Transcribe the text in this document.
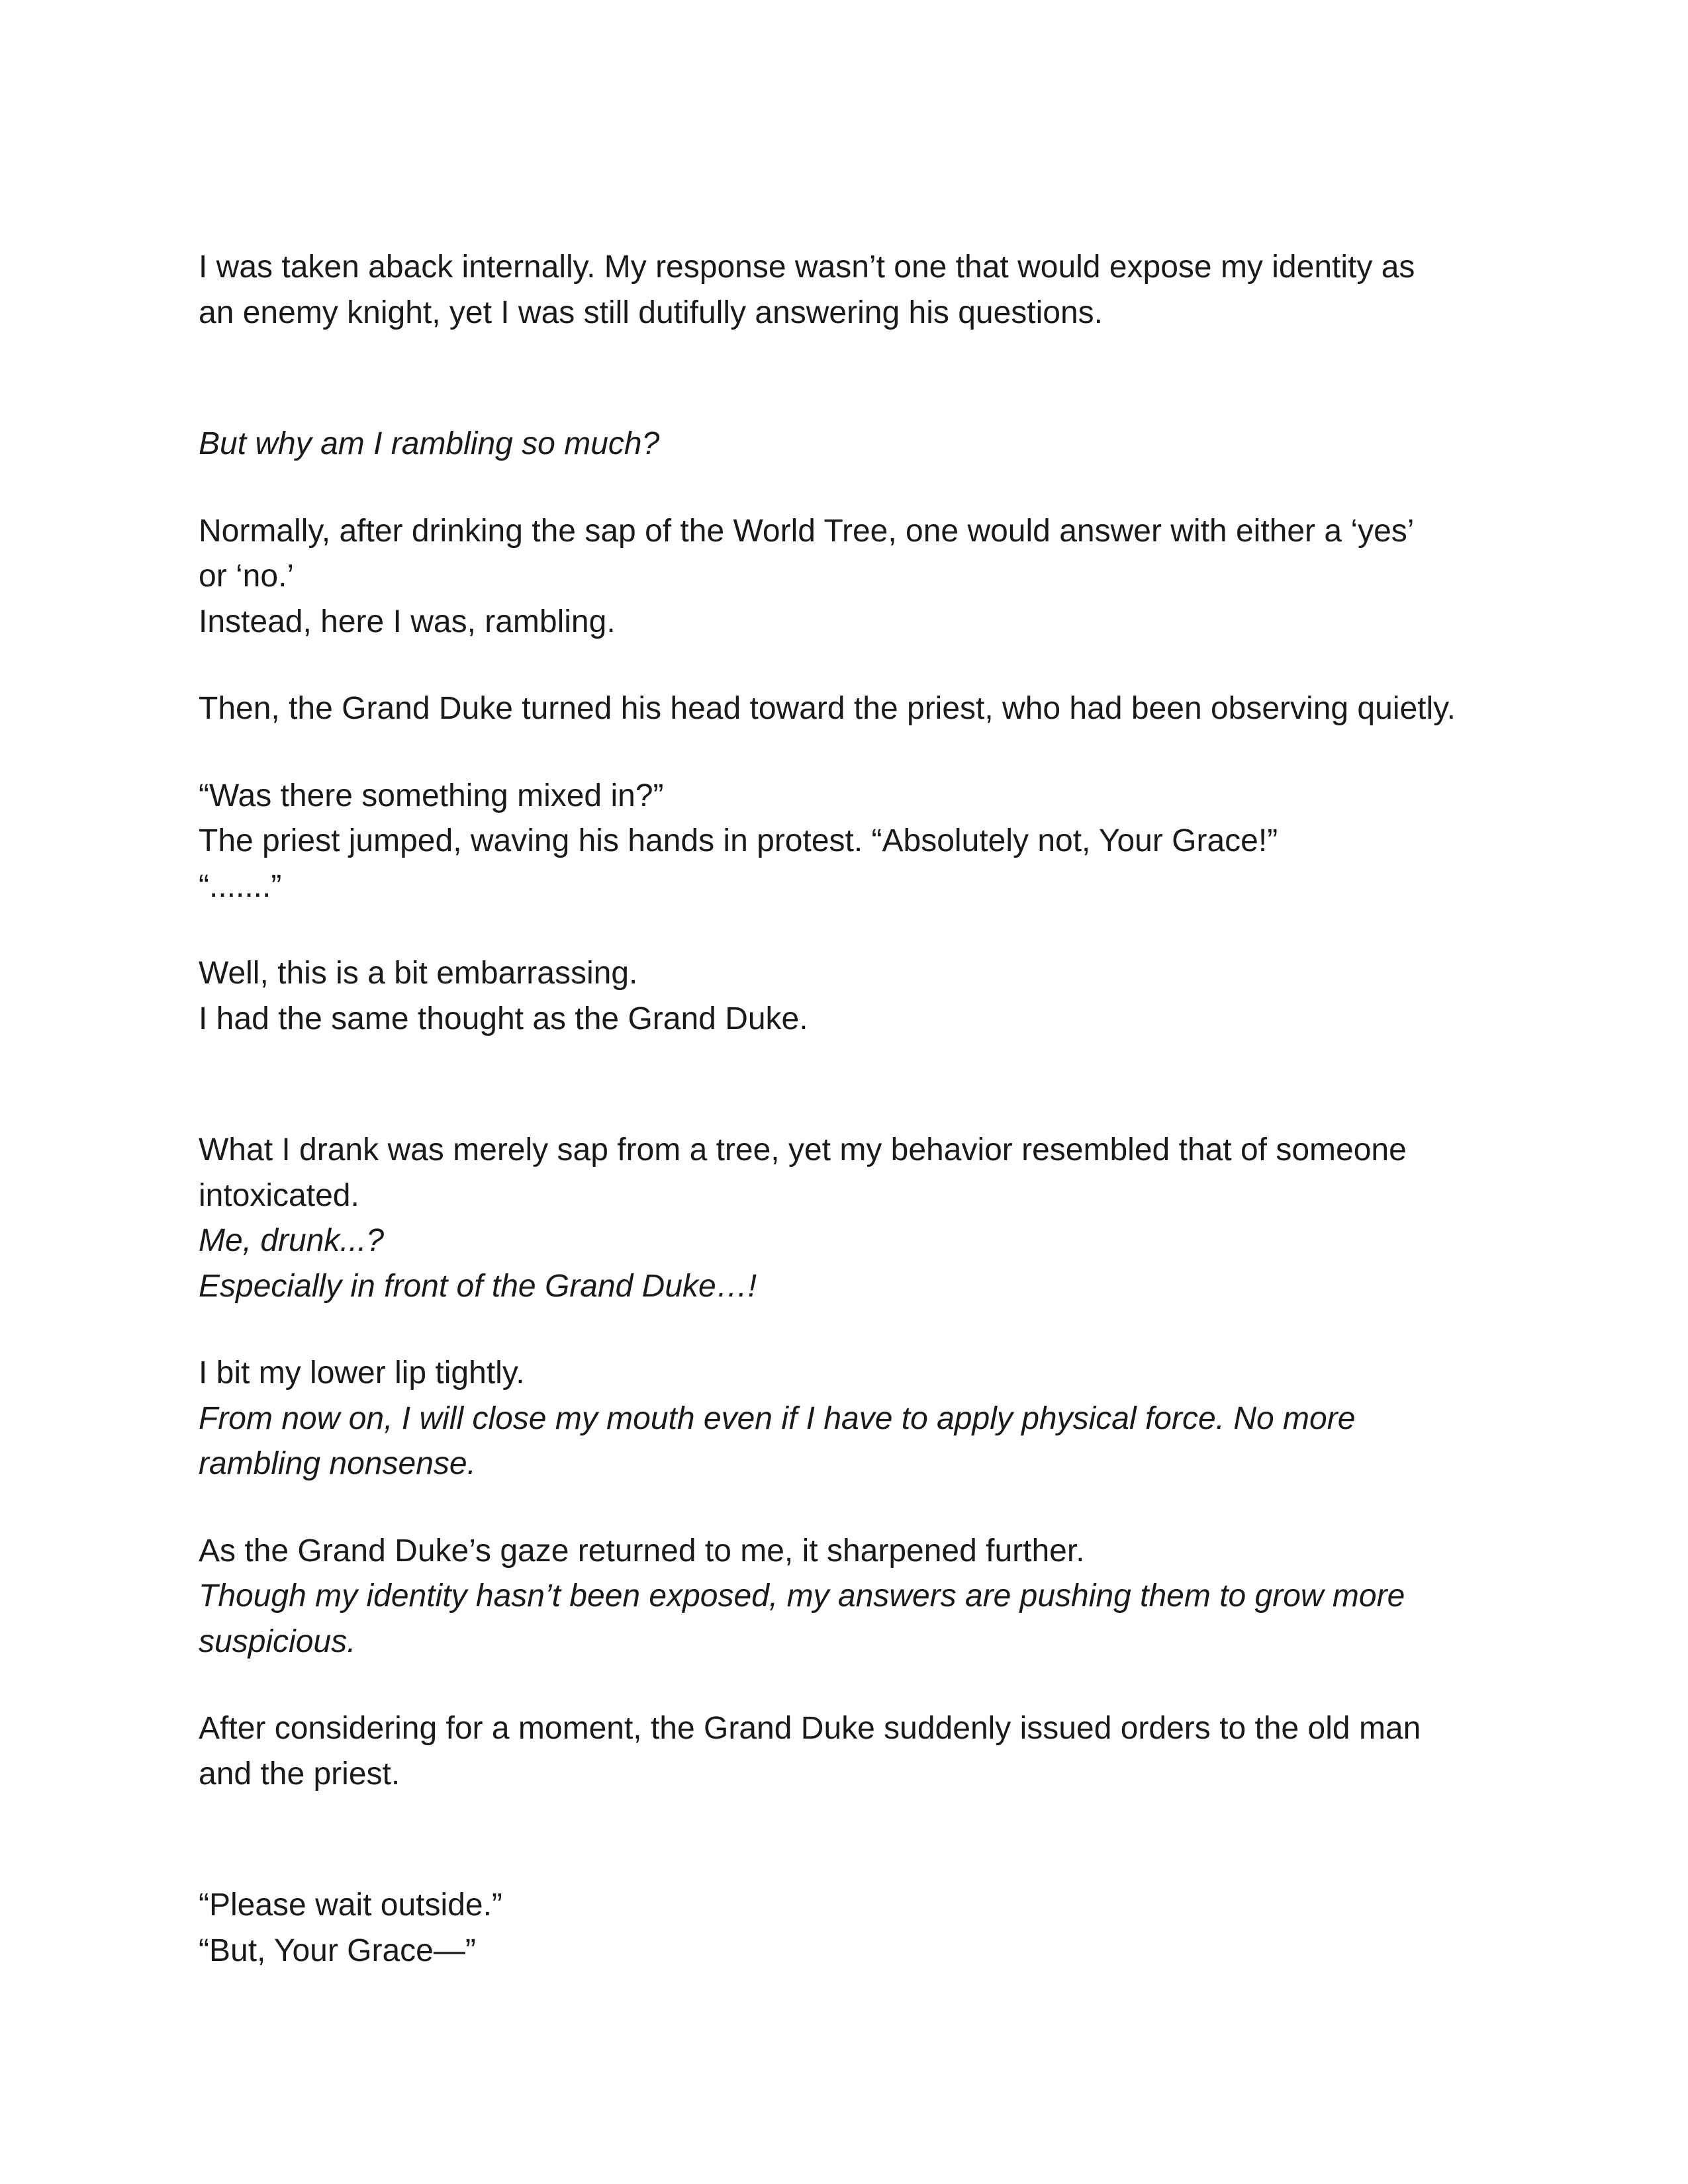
I was taken aback internally. My response wasn’t one that would expose my identity as

an enemy knight, yet I was still dutifully answering his questions.

But why am I rambling so much?

Normally, after drinking the sap of the World Tree, one would answer with either a ‘yes’

or ‘no.’

Instead, here I was, rambling.

Then, the Grand Duke turned his head toward the priest, who had been observing quietly.

“Was there something mixed in?”

The priest jumped, waving his hands in protest. “Absolutely not, Your Grace!”

“.......”

Well, this is a bit embarrassing.

I had the same thought as the Grand Duke.

What I drank was merely sap from a tree, yet my behavior resembled that of someone

intoxicated.

Me, drunk...?

Especially in front of the Grand Duke…!

I bit my lower lip tightly.

From now on, I will close my mouth even if I have to apply physical force. No more

rambling nonsense.

As the Grand Duke’s gaze returned to me, it sharpened further.

Though my identity hasn’t been exposed, my answers are pushing them to grow more

suspicious.

After considering for a moment, the Grand Duke suddenly issued orders to the old man

and the priest.

“Please wait outside.”

“But, Your Grace—”
